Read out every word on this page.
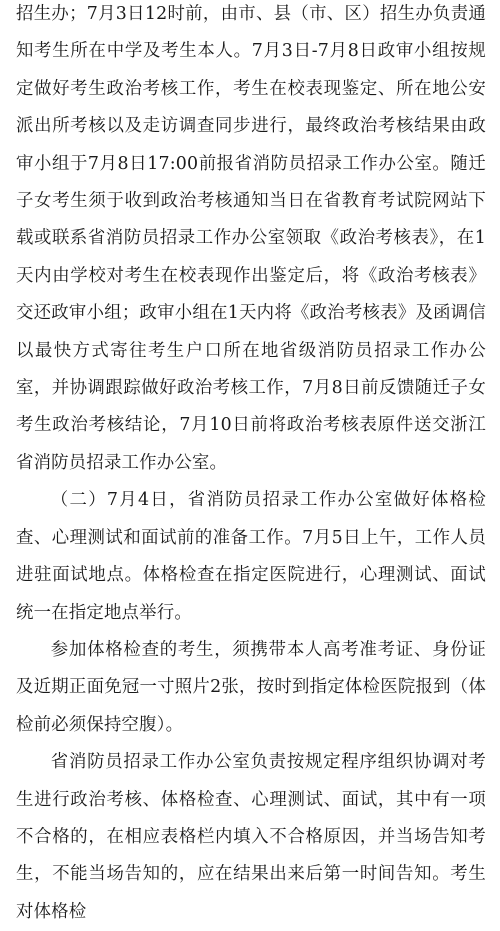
招生办；7月3日12时前，由市、县（市、区）招生办负责通知考生所在中学及考生本人。7月3日-7月8日政审小组按规定做好考生政治考核工作，考生在校表现鉴定、所在地公安派出所考核以及走访调查同步进行，最终政治考核结果由政审小组于7月8日17:00前报省消防员招录工作办公室。随迁子女考生须于收到政治考核通知当日在省教育考试院网站下载或联系省消防员招录工作办公室领取《政治考核表》，在1天内由学校对考生在校表现作出鉴定后，将《政治考核表》交还政审小组；政审小组在1天内将《政治考核表》及函调信以最快方式寄往考生户口所在地省级消防员招录工作办公室，并协调跟踪做好政治考核工作，7月8日前反馈随迁子女考生政治考核结论，7月10日前将政治考核表原件送交浙江省消防员招录工作办公室。

（二）7月4日，省消防员招录工作办公室做好体格检查、心理测试和面试前的准备工作。7月5日上午，工作人员进驻面试地点。体格检查在指定医院进行，心理测试、面试统一在指定地点举行。

参加体格检查的考生，须携带本人高考准考证、身份证及近期正面免冠一寸照片2张，按时到指定体检医院报到（体检前必须保持空腹）。

省消防员招录工作办公室负责按规定程序组织协调对考生进行政治考核、体格检查、心理测试、面试，其中有一项不合格的，在相应表格栏内填入不合格原因，并当场告知考生，不能当场告知的，应在结果出来后第一时间告知。考生对体格检
